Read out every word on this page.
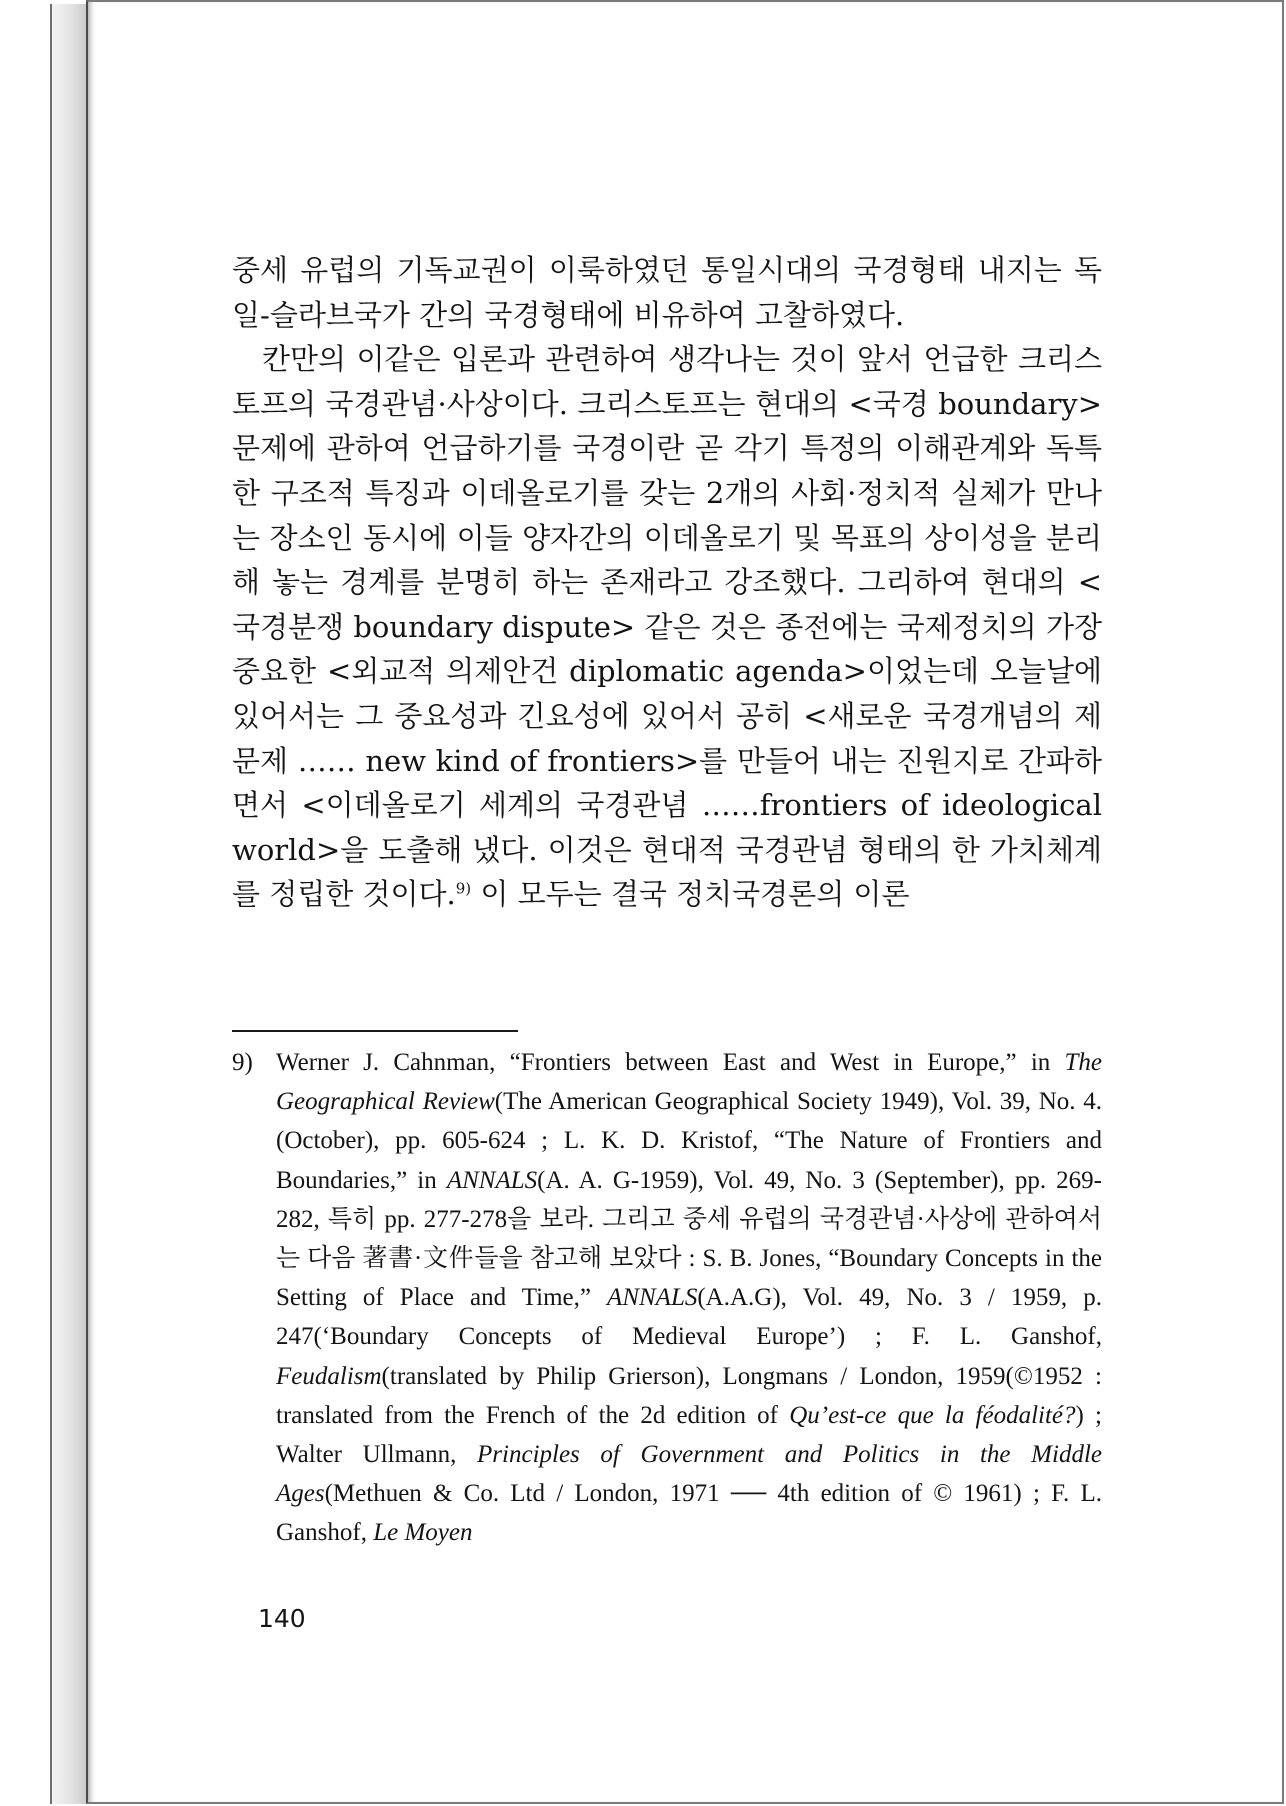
중세 유럽의 기독교권이 이룩하였던 통일시대의 국경형태 내지는 독일-슬라브국가 간의 국경형태에 비유하여 고찰하였다.

칸만의 이같은 입론과 관련하여 생각나는 것이 앞서 언급한 크리스토프의 국경관념·사상이다. 크리스토프는 현대의 <국경 boundary> 문제에 관하여 언급하기를 국경이란 곧 각기 특정의 이해관계와 독특한 구조적 특징과 이데올로기를 갖는 2개의 사회·정치적 실체가 만나는 장소인 동시에 이들 양자간의 이데올로기 및 목표의 상이성을 분리해 놓는 경계를 분명히 하는 존재라고 강조했다. 그리하여 현대의 <국경분쟁 boundary dispute> 같은 것은 종전에는 국제정치의 가장 중요한 <외교적 의제안건 diplomatic agenda>이었는데 오늘날에 있어서는 그 중요성과 긴요성에 있어서 공히 <새로운 국경개념의 제문제 …… new kind of frontiers>를 만들어 내는 진원지로 간파하면서 <이데올로기 세계의 국경관념 ……frontiers of ideological world>을 도출해 냈다. 이것은 현대적 국경관념 형태의 한 가치체계를 정립한 것이다.$^{9)}$ 이 모두는 결국 정치국경론의 이론

9) Werner J. Cahnman, “Frontiers between East and West in Europe,” in The Geographical Review(The American Geographical Society 1949), Vol. 39, No. 4. (October), pp. 605-624 ; L. K. D. Kristof, “The Nature of Frontiers and Boundaries,” in ANNALS(A. A. G-1959), Vol. 49, No. 3 (September), pp. 269-282, 특히 pp. 277-278을 보라. 그리고 중세 유럽의 국경관념·사상에 관하여서는 다음 著書·文件들을 참고해 보았다 : S. B. Jones, “Boundary Concepts in the Setting of Place and Time,” ANNALS(A.A.G), Vol. 49, No. 3 / 1959, p. 247(‘Boundary Concepts of Medieval Europe’) ; F. L. Ganshof, Feudalism(translated by Philip Grierson), Longmans / London, 1959(©1952 : translated from the French of the 2d edition of Qu’est-ce que la féodalité?) ; Walter Ullmann, Principles of Government and Politics in the Middle Ages(Methuen & Co. Ltd / London, 1971 ── 4th edition of © 1961) ; F. L. Ganshof, Le Moyen
140
